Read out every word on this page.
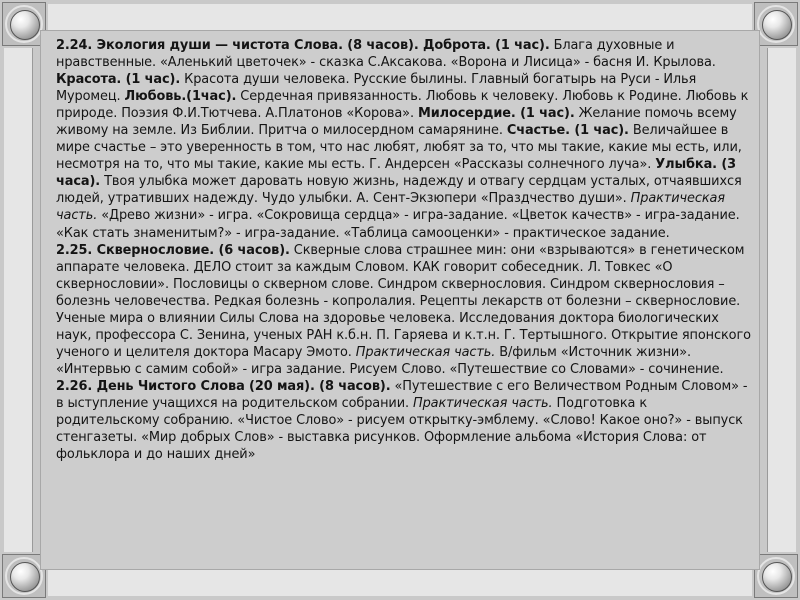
2.24. Экология души — чистота Слова. (8 часов). Доброта. (1 час). Блага духовные и нравственные. «Аленький цветочек» - сказка С.Аксакова. «Ворона и Лисица» - басня И. Крылова. Красота. (1 час). Красота души человека. Русские былины. Главный богатырь на Руси - Илья Муромец. Любовь.(1час). Сердечная привязанность. Любовь к человеку. Любовь к Родине. Любовь к природе. Поэзия Ф.И.Тютчева. А.Платонов «Корова». Милосердие. (1 час). Желание помочь всему живому на земле. Из Библии. Притча о милосердном самарянине. Счастье. (1 час). Величайшее в мире счастье – это уверенность в том, что нас любят, любят за то, что мы такие, какие мы есть, или, несмотря на то, что мы такие, какие мы есть. Г. Андерсен «Рассказы солнечного луча». Улыбка. (3 часа). Твоя улыбка может даровать новую жизнь, надежду и отвагу сердцам усталых, отчаявшихся людей, утративших надежду. Чудо улыбки. А. Сент-Экзюпери «Праздчество души». Практическая часть. «Древо жизни» - игра. «Сокровища сердца» - игра-задание. «Цветок качеств» - игра-задание. «Как стать знаменитым?» - игра-задание. «Таблица самооценки» - практическое задание.

2.25. Сквернословие. (6 часов). Скверные слова страшнее мин: они «взрываются» в генетическом аппарате человека. ДЕЛО стоит за каждым Словом. КАК говорит собеседник. Л. Товкес «О сквернословии». Пословицы о скверном слове. Синдром сквернословия. Синдром сквернословия – болезнь человечества. Редкая болезнь - копролалия. Рецепты лекарств от болезни – сквернословие. Ученые мира о влиянии Силы Слова на здоровье человека. Исследования доктора биологических наук, профессора С. Зенина, ученых РАН к.б.н. П. Гаряева и к.т.н. Г. Тертышного. Открытие японского ученого и целителя доктора Масару Эмото. Практическая часть. В/фильм «Источник жизни». «Интервью с самим собой» - игра задание. Рисуем Слово. «Путешествие со Словами» - сочинение.

2.26. День Чистого Слова (20 мая). (8 часов). «Путешествие с его Величеством Родным Словом» - в ыступление учащихся на родительском собрании. Практическая часть. Подготовка к родительскому собранию. «Чистое Слово» - рисуем открытку-эмблему. «Слово! Какое оно?» - выпуск стенгазеты. «Мир добрых Слов» - выставка рисунков. Оформление альбома «История Слова: от фольклора и до наших дней»
